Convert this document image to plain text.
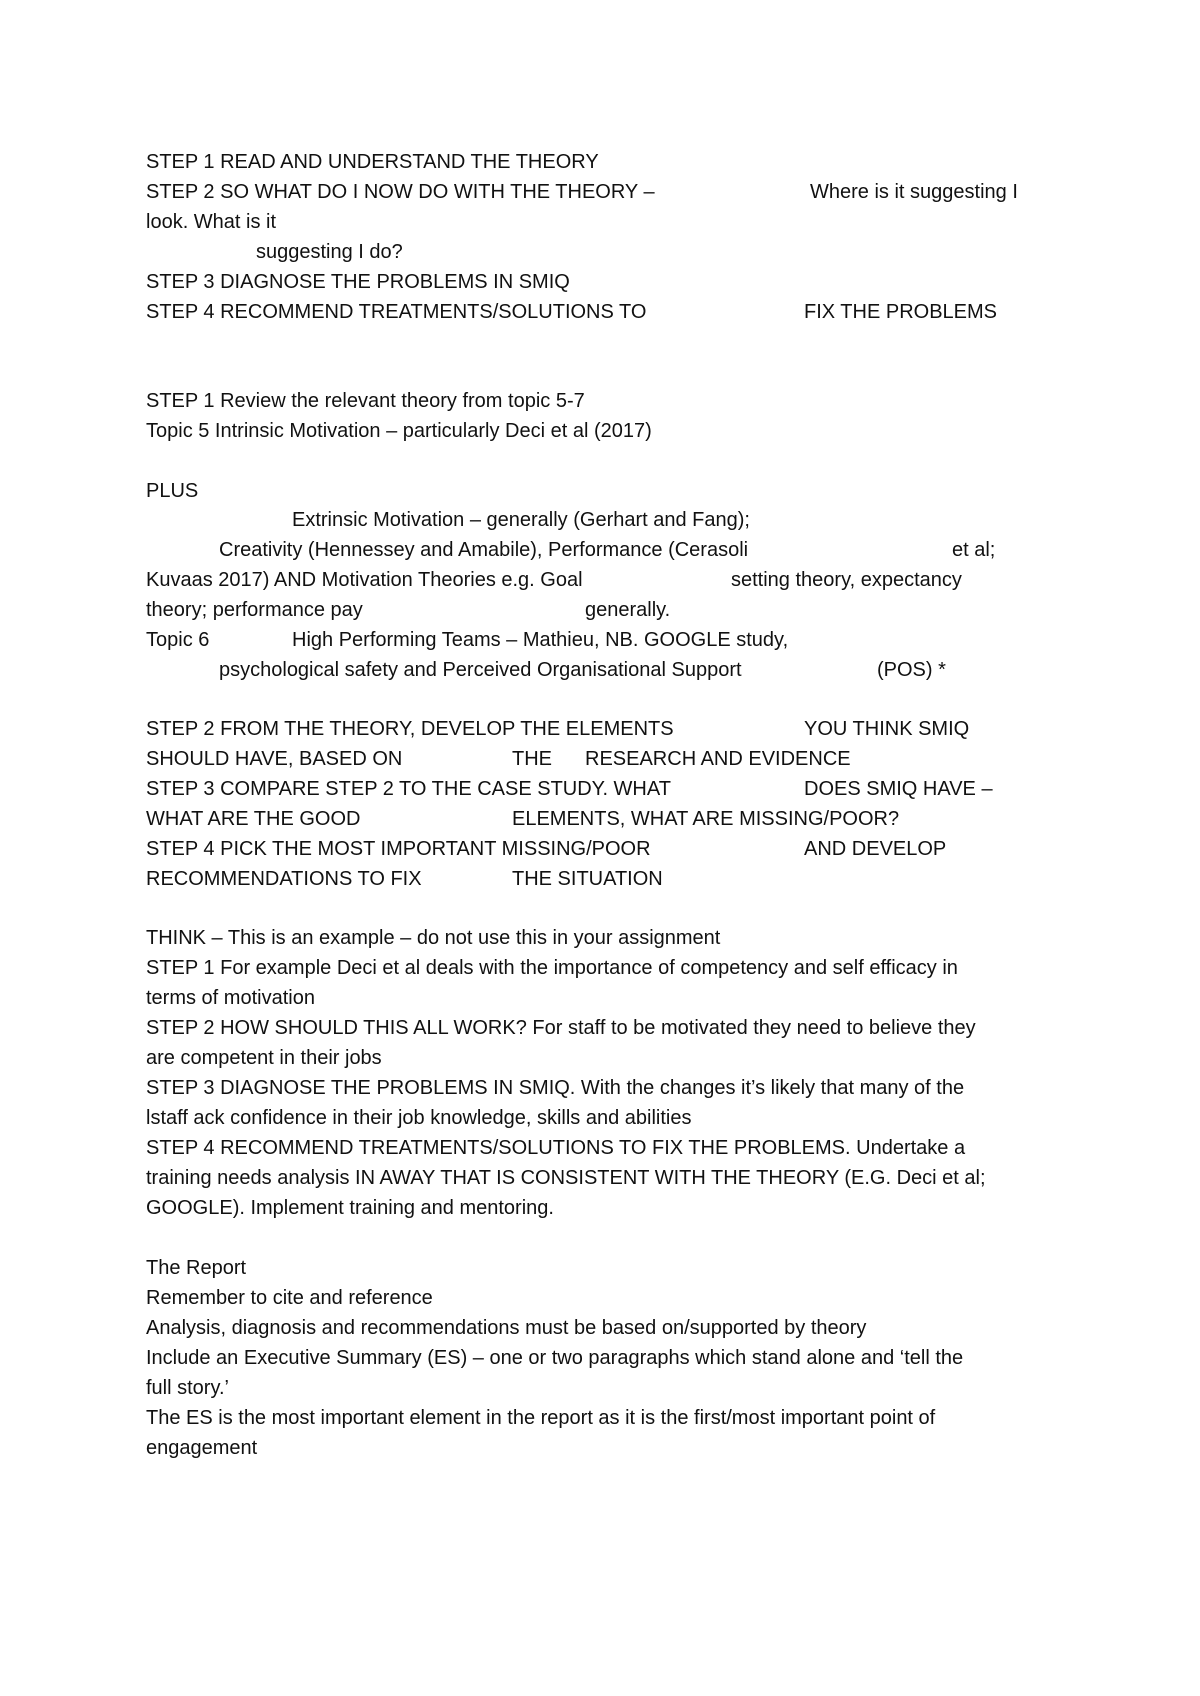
STEP 1 READ AND UNDERSTAND THE THEORY
STEP 2 SO WHAT DO I NOW DO WITH THE THEORY –	Where is it suggesting I
look. What is it
suggesting I do?
STEP 3 DIAGNOSE THE PROBLEMS IN SMIQ
STEP 4 RECOMMEND TREATMENTS/SOLUTIONS TO	FIX THE PROBLEMS
STEP 1 Review the relevant theory from topic 5-7
Topic 5 Intrinsic Motivation – particularly Deci et al (2017)
PLUS
Extrinsic Motivation – generally (Gerhart and Fang);
Creativity (Hennessey and Amabile), Performance (Cerasoli	et al;
Kuvaas 2017) AND Motivation Theories e.g. Goal	setting theory, expectancy
theory; performance pay	generally.
Topic 6	High Performing Teams – Mathieu, NB. GOOGLE study,
psychological safety and Perceived Organisational Support	(POS) *
STEP 2 FROM THE THEORY, DEVELOP THE ELEMENTS	YOU THINK SMIQ
SHOULD HAVE, BASED ON	THE RESEARCH AND EVIDENCE
STEP 3 COMPARE STEP 2 TO THE CASE STUDY. WHAT	DOES SMIQ HAVE –
WHAT ARE THE GOOD	ELEMENTS, WHAT ARE MISSING/POOR?
STEP 4 PICK THE MOST IMPORTANT MISSING/POOR	AND DEVELOP
RECOMMENDATIONS TO FIX	THE SITUATION
THINK – This is an example – do not use this in your assignment
STEP 1 For example Deci et al deals with the importance of competency and self efficacy in
terms of motivation
STEP 2 HOW SHOULD THIS ALL WORK? For staff to be motivated they need to believe they
are competent in their jobs
STEP 3 DIAGNOSE THE PROBLEMS IN SMIQ. With the changes it’s likely that many of the
lstaff ack confidence in their job knowledge, skills and abilities
STEP 4 RECOMMEND TREATMENTS/SOLUTIONS TO FIX THE PROBLEMS. Undertake a
training needs analysis IN AWAY THAT IS CONSISTENT WITH THE THEORY (E.G. Deci et al;
GOOGLE). Implement training and mentoring.
The Report
Remember to cite and reference
Analysis, diagnosis and recommendations must be based on/supported by theory
Include an Executive Summary (ES) – one or two paragraphs which stand alone and ‘tell the
full story.’
The ES is the most important element in the report as it is the first/most important point of
engagement
